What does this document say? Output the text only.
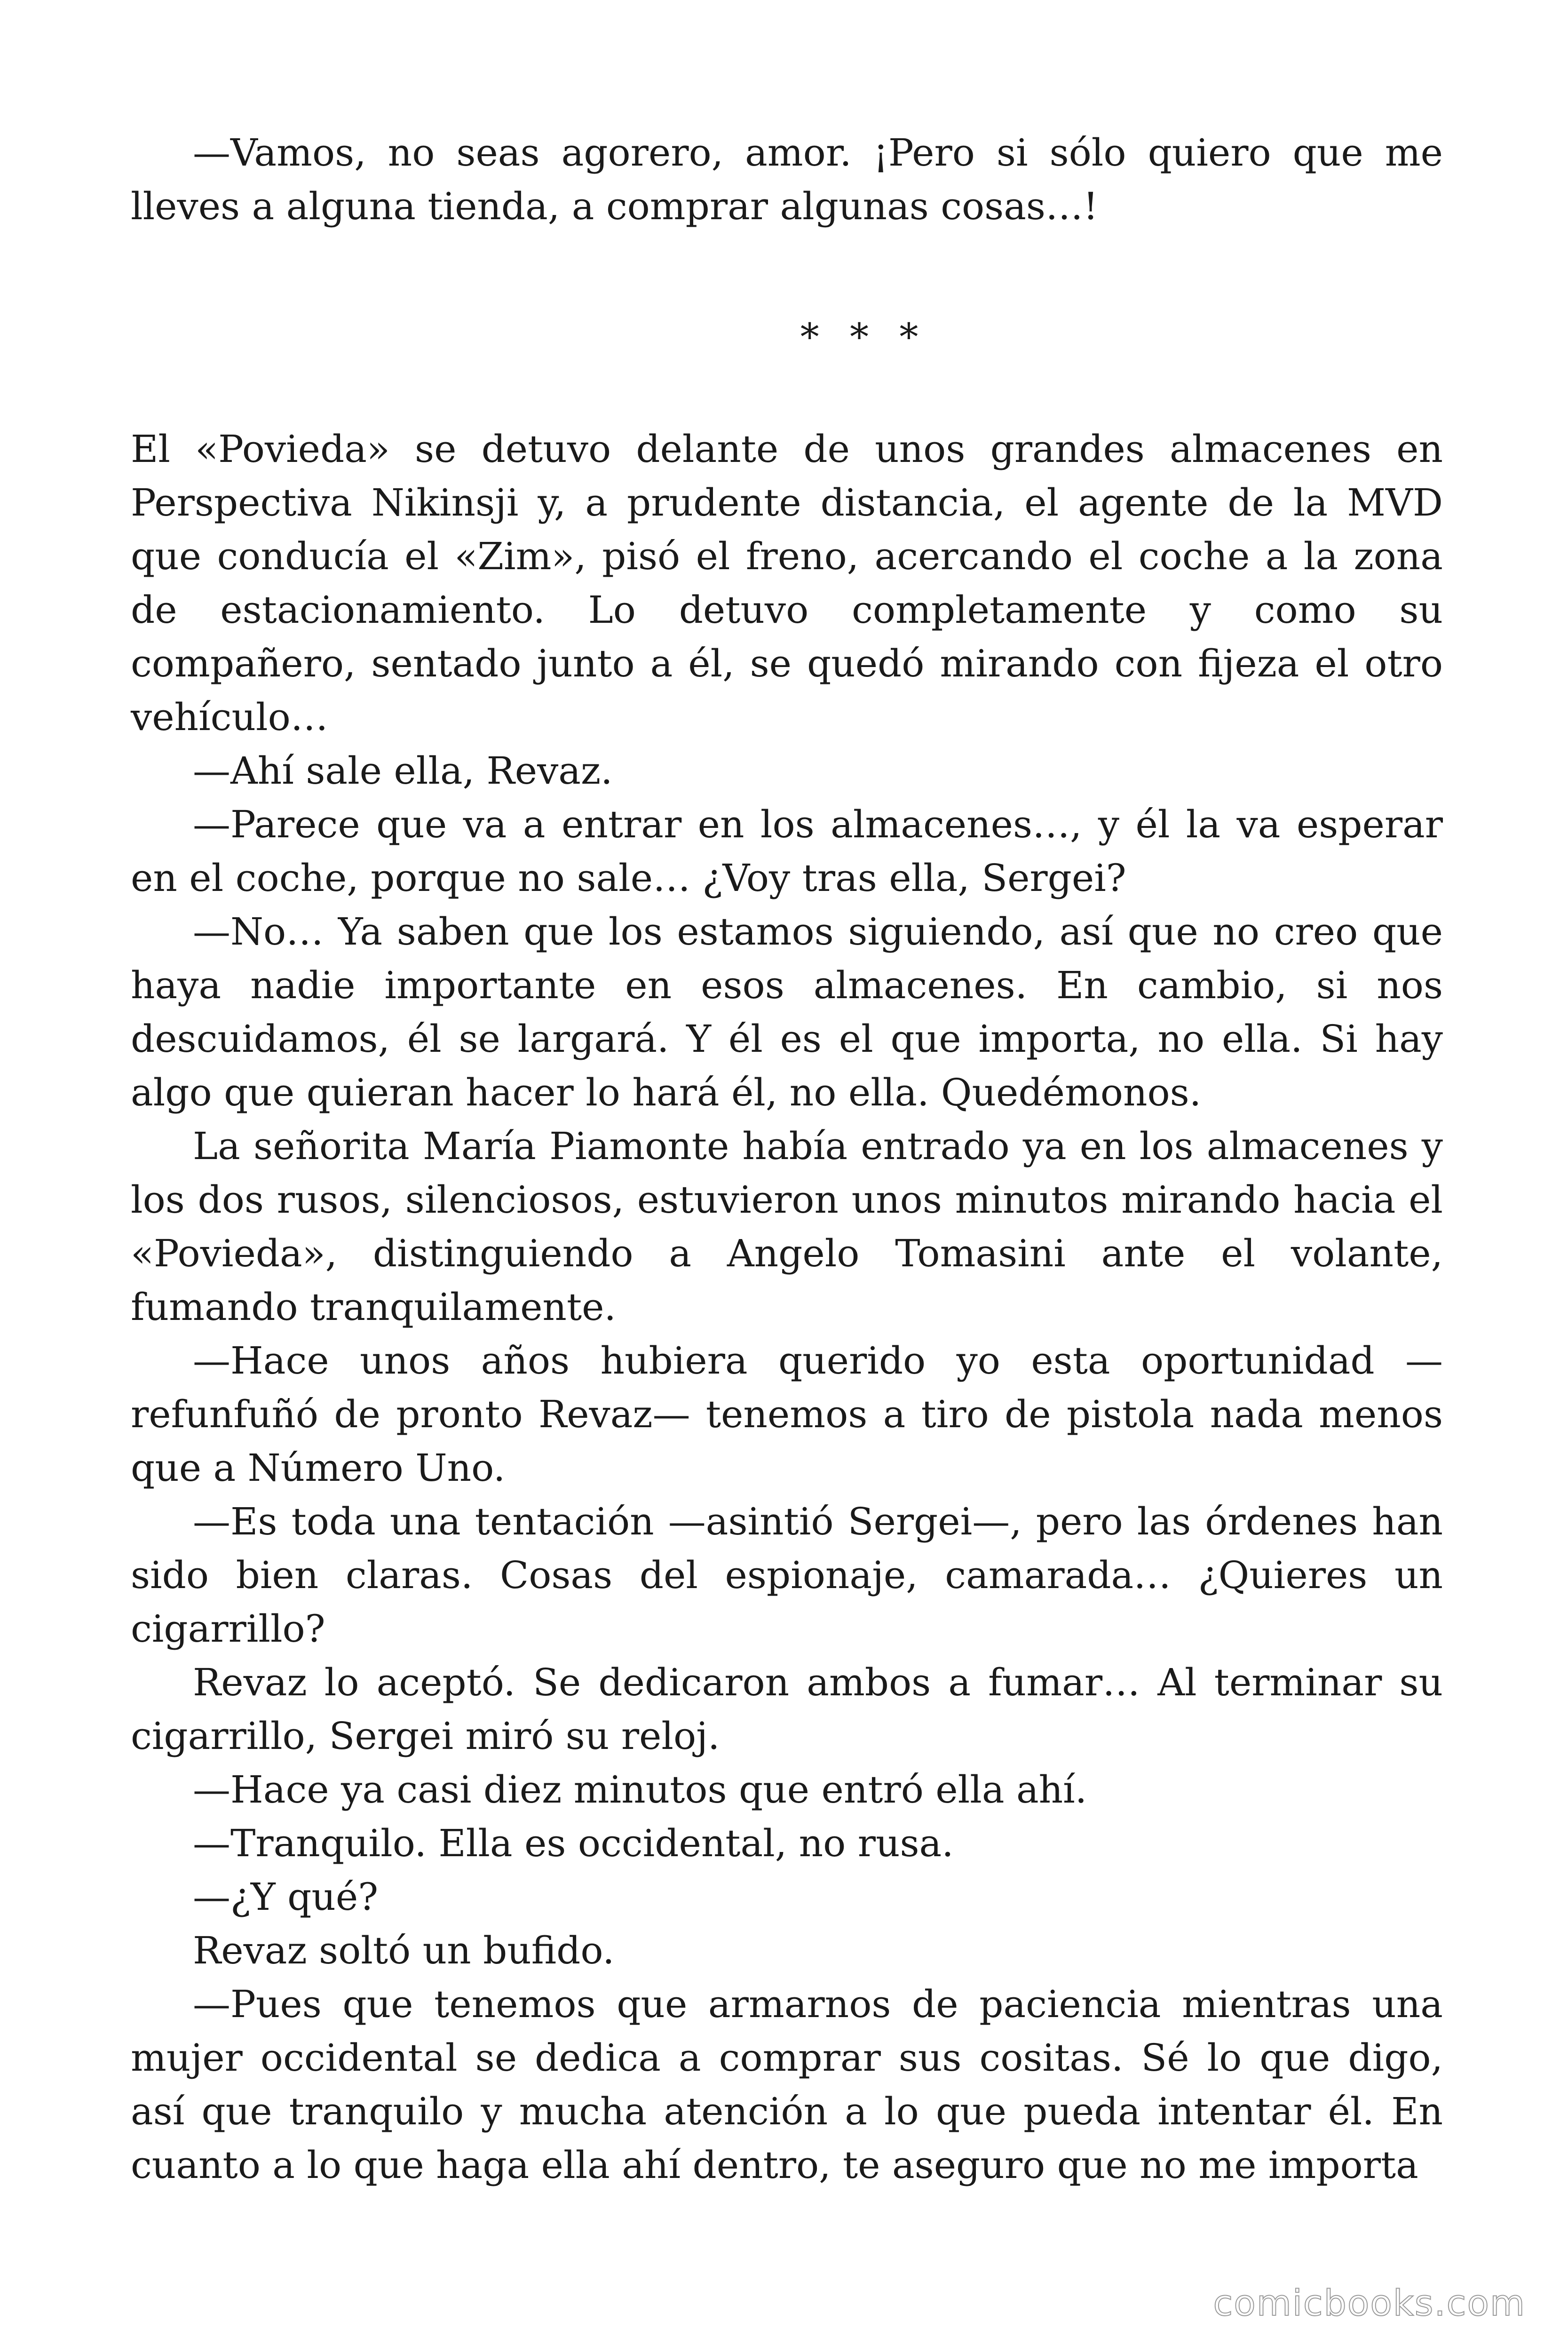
—Vamos, no seas agorero, amor. ¡Pero si sólo quiero que me lleves a alguna tienda, a comprar algunas cosas…!

* * *

El «Povieda» se detuvo delante de unos grandes almacenes en Perspectiva Nikinsji y, a prudente distancia, el agente de la MVD que conducía el «Zim», pisó el freno, acercando el coche a la zona de estacionamiento. Lo detuvo completamente y como su compañero, sentado junto a él, se quedó mirando con fijeza el otro vehículo…

—Ahí sale ella, Revaz.

—Parece que va a entrar en los almacenes…, y él la va esperar en el coche, porque no sale… ¿Voy tras ella, Sergei?

—No… Ya saben que los estamos siguiendo, así que no creo que haya nadie importante en esos almacenes. En cambio, si nos descuidamos, él se largará. Y él es el que importa, no ella. Si hay algo que quieran hacer lo hará él, no ella. Quedémonos.

La señorita María Piamonte había entrado ya en los almacenes y los dos rusos, silenciosos, estuvieron unos minutos mirando hacia el «Povieda», distinguiendo a Angelo Tomasini ante el volante, fumando tranquilamente.

—Hace unos años hubiera querido yo esta oportunidad —refunfuñó de pronto Revaz— tenemos a tiro de pistola nada menos que a Número Uno.

—Es toda una tentación —asintió Sergei—, pero las órdenes han sido bien claras. Cosas del espionaje, camarada… ¿Quieres un cigarrillo?

Revaz lo aceptó. Se dedicaron ambos a fumar… Al terminar su cigarrillo, Sergei miró su reloj.

—Hace ya casi diez minutos que entró ella ahí.

—Tranquilo. Ella es occidental, no rusa.

—¿Y qué?

Revaz soltó un bufido.

—Pues que tenemos que armarnos de paciencia mientras una mujer occidental se dedica a comprar sus cositas. Sé lo que digo, así que tranquilo y mucha atención a lo que pueda intentar él. En cuanto a lo que haga ella ahí dentro, te aseguro que no me importa

comicbooks.com
